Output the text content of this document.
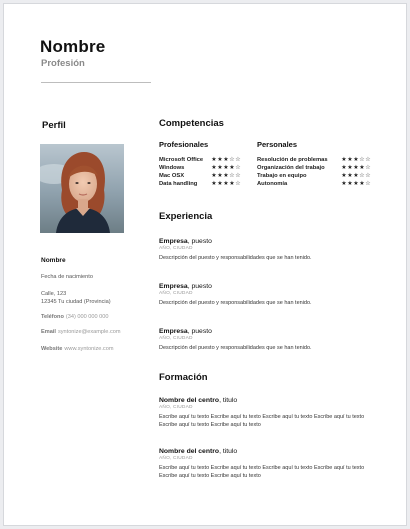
Nombre
Profesión
Perfil
Nombre
Fecha de nacimiento
Calle, 123
12345 Tu ciudad (Provincia)
Teléfono (34) 000 000 000
Email syntonize@example.com
Website www.syntonize.com
Competencias
Profesionales
Microsoft Office	★ ★ ★ ☆ ☆
Windows	★ ★ ★ ★ ☆
Mac OSX	★ ★ ★ ☆ ☆
Data handling	★ ★ ★ ★ ☆
Personales
Resolución de problemas	★ ★ ★ ☆ ☆
Organización del trabajo	★ ★ ★ ★ ☆
Trabajo en equipo	★ ★ ★ ☆ ☆
Autonomía	★ ★ ★ ★ ☆
Experiencia
Empresa, puesto
AÑO, CIUDAD
Descripción del puesto y responsabilidades que se han tenido.
Empresa, puesto
AÑO, CIUDAD
Descripción del puesto y responsabilidades que se han tenido.
Empresa, puesto
AÑO, CIUDAD
Descripción del puesto y responsabilidades que se han tenido.
Formación
Nombre del centro, titulo
AÑO, CIUDAD
Escribe aquí tu texto Escribe aquí tu texto Escribe aquí tu texto Escribe aquí tu texto Escribe aquí tu texto Escribe aquí tu texto
Nombre del centro, titulo
AÑO, CIUDAD
Escribe aquí tu texto Escribe aquí tu texto Escribe aquí tu texto Escribe aquí tu texto Escribe aquí tu texto Escribe aquí tu texto
